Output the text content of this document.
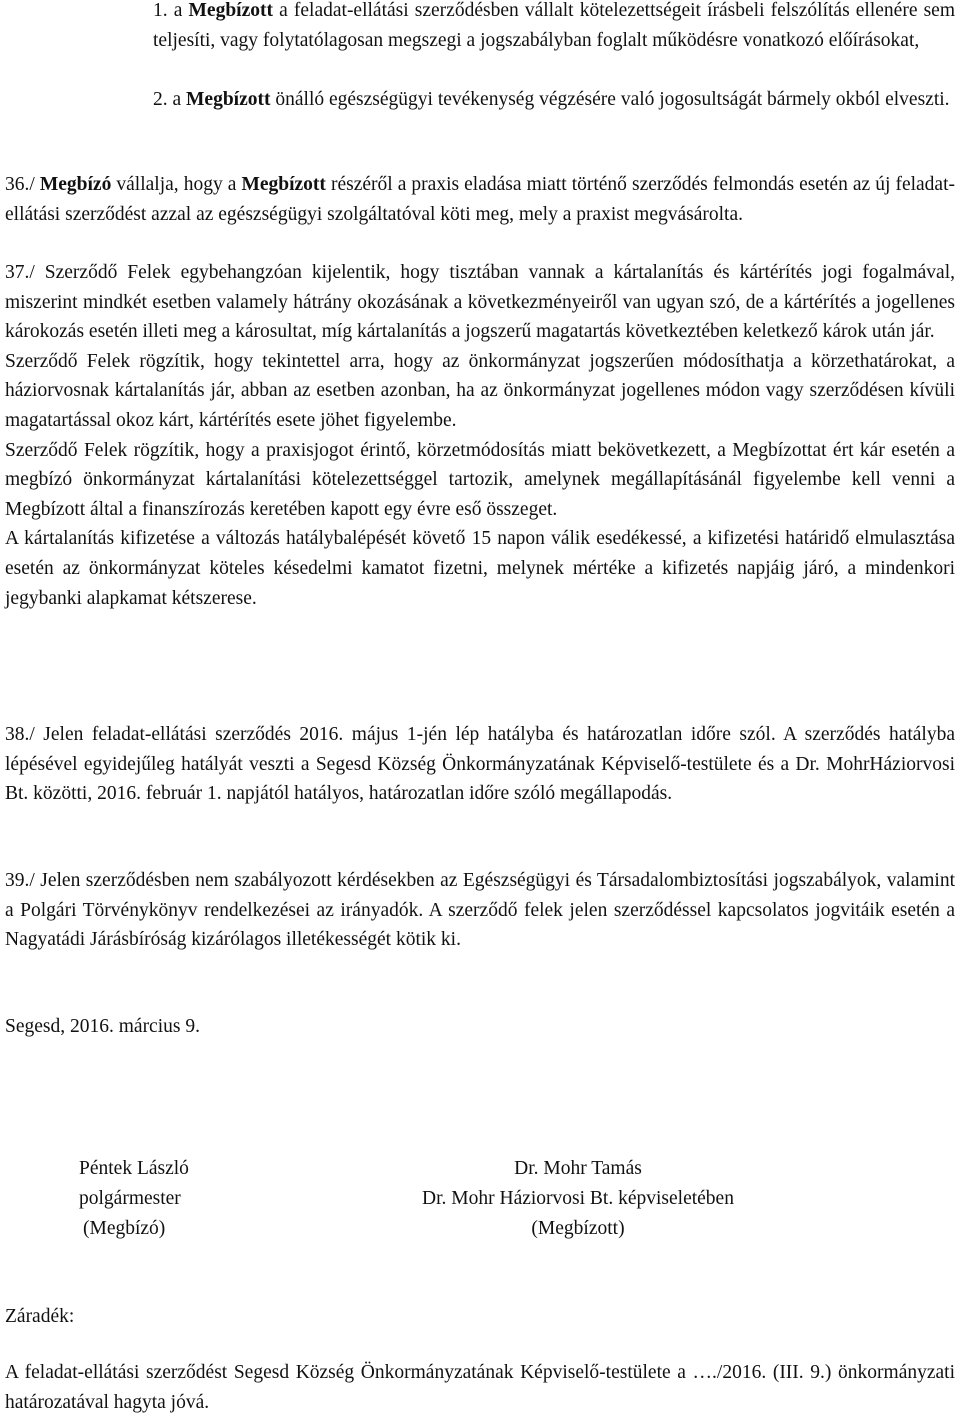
1. a Megbízott a feladat-ellátási szerződésben vállalt kötelezettségeit írásbeli felszólítás ellenére sem teljesíti, vagy folytatólagosan megszegi a jogszabályban foglalt működésre vonatkozó előírásokat,

2. a Megbízott önálló egészségügyi tevékenység végzésére való jogosultságát bármely okból elveszti.

36./ Megbízó vállalja, hogy a Megbízott részéről a praxis eladása miatt történő szerződés felmondás esetén az új feladat-ellátási szerződést azzal az egészségügyi szolgáltatóval köti meg, mely a praxist megvásárolta.

37./ Szerződő Felek egybehangzóan kijelentik, hogy tisztában vannak a kártalanítás és kártérítés jogi fogalmával, miszerint mindkét esetben valamely hátrány okozásának a következményeiről van ugyan szó, de a kártérítés a jogellenes károkozás esetén illeti meg a károsultat, míg kártalanítás a jogszerű magatartás következtében keletkező károk után jár.

Szerződő Felek rögzítik, hogy tekintettel arra, hogy az önkormányzat jogszerűen módosíthatja a körzethatárokat, a háziorvosnak kártalanítás jár, abban az esetben azonban, ha az önkormányzat jogellenes módon vagy szerződésen kívüli magatartással okoz kárt, kártérítés esete jöhet figyelembe.

Szerződő Felek rögzítik, hogy a praxisjogot érintő, körzetmódosítás miatt bekövetkezett, a Megbízottat ért kár esetén a megbízó önkormányzat kártalanítási kötelezettséggel tartozik, amelynek megállapításánál figyelembe kell venni a Megbízott által a finanszírozás keretében kapott egy évre eső összeget.

A kártalanítás kifizetése a változás hatálybalépését követő 15 napon válik esedékessé, a kifizetési határidő elmulasztása esetén az önkormányzat köteles késedelmi kamatot fizetni, melynek mértéke a kifizetés napjáig járó, a mindenkori jegybanki alapkamat kétszerese.

38./ Jelen feladat-ellátási szerződés 2016. május 1-jén lép hatályba és határozatlan időre szól. A szerződés hatályba lépésével egyidejűleg hatályát veszti a Segesd Község Önkormányzatának Képviselő-testülete és a Dr. MohrHáziorvosi Bt. közötti, 2016. február 1. napjától hatályos, határozatlan időre szóló megállapodás.

39./ Jelen szerződésben nem szabályozott kérdésekben az Egészségügyi és Társadalombiztosítási jogszabályok, valamint a Polgári Törvénykönyv rendelkezései az irányadók. A szerződő felek jelen szerződéssel kapcsolatos jogvitáik esetén a Nagyatádi Járásbíróság kizárólagos illetékességét kötik ki.

Segesd, 2016. március 9.

Péntek László
polgármester
(Megbízó)
Dr. Mohr Tamás
Dr. Mohr Háziorvosi Bt. képviseletében
(Megbízott)

Záradék:

A feladat-ellátási szerződést Segesd Község Önkormányzatának Képviselő-testülete a …./2016. (III. 9.) önkormányzati határozatával hagyta jóvá.
